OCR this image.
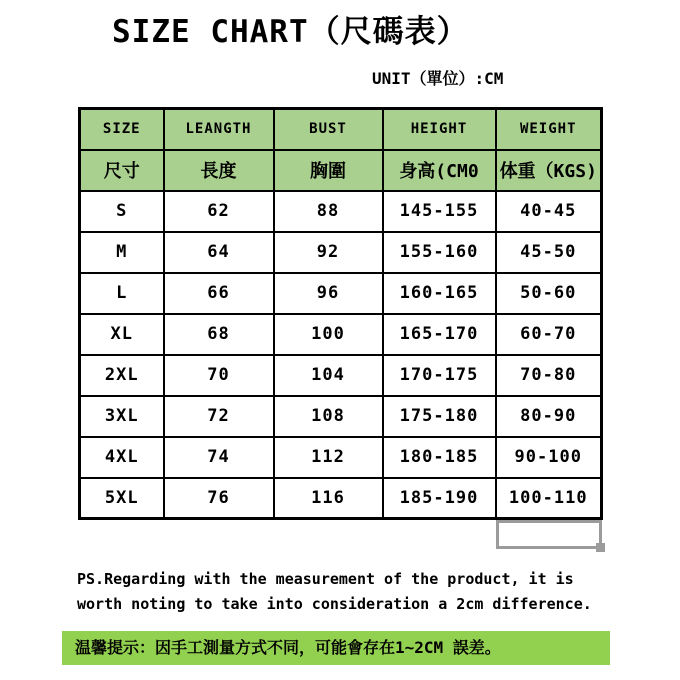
SIZE CHART（尺碼表）
UNIT（單位）:CM
SIZE	LEANGTH	BUST	HEIGHT	WEIGHT
尺寸	長度	胸圍	身高(CM0	体重（KGS)
S	62	88	145-155	40-45
M	64	92	155-160	45-50
L	66	96	160-165	50-60
XL	68	100	165-170	60-70
2XL	70	104	170-175	70-80
3XL	72	108	175-180	80-90
4XL	74	112	180-185	90-100
5XL	76	116	185-190	100-110
PS.Regarding with the measurement of the product, it is
worth noting to take into consideration a 2cm difference.
温馨提示：因手工測量方式不同，可能會存在1~2CM 誤差。
